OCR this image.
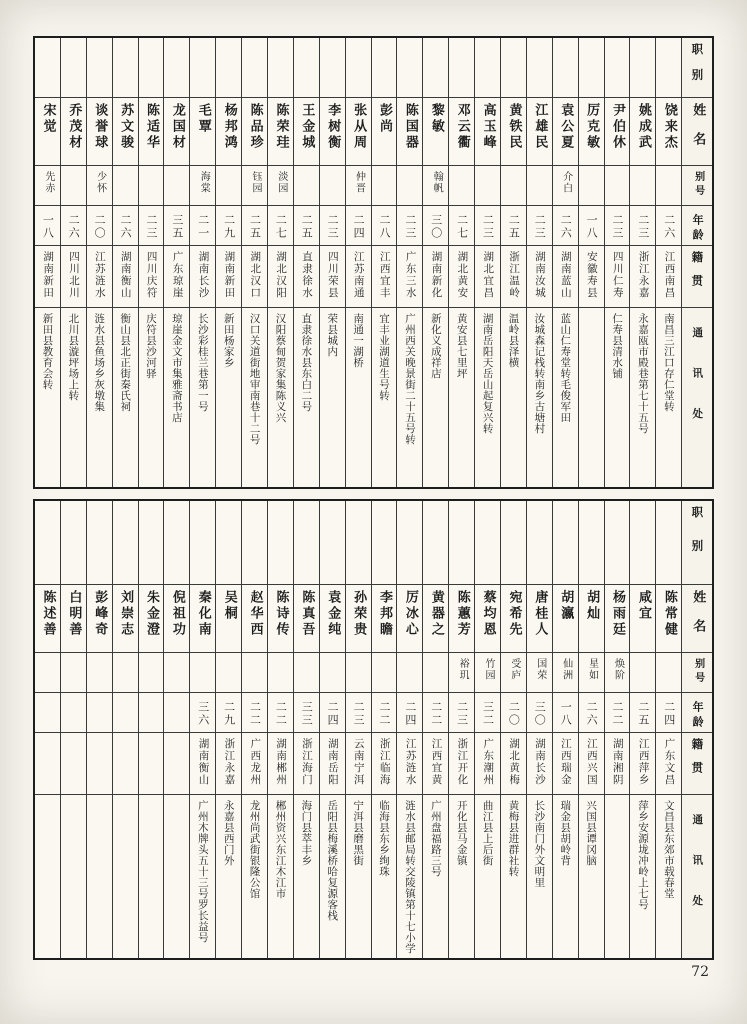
宋觉
先赤
一八
湖南新田
新田县教育会转
乔茂材
二六
四川北川
北川县漩坪场上转
谈誉球
少怀
二〇
江苏涟水
涟水县鱼场乡灰墩集
苏文骏
二六
湖南衡山
衡山县北正街秦氏祠
陈适华
二三
四川庆符
庆符县沙河驿
龙国材
三五
广东琼崖
琼崖金文市集雅斋书店
毛覃
海棠
二一
湖南长沙
长沙彩桂兰巷第一号
杨邦鸿
二九
湖南新田
新田杨家乡
陈品珍
钰园
二五
湖北汉口
汉口关道街地审南巷十二号
陈荣珪
淡园
二七
湖北汉阳
汉阳蔡甸贺家集陈义兴
王金城
二五
直隶徐水
直隶徐水县东白二号
李树衡
二三
四川荣县
荣县城内
张从周
仲晋
二四
江苏南通
南通一湖桥
彭尚
二八
江西宜丰
宜丰业湖道生号转
陈国器
二三
广东三水
广州西关晚景街二十五号转
黎敏
翰帆
三〇
湖南新化
新化义成祥店
邓云衢
二七
湖北黄安
黄安县七里坪
高玉峰
二三
湖北宜昌
湖南岳阳天岳山起复兴转
黄铁民
二五
浙江温岭
温岭县泽横
江雄民
二三
湖南汝城
汝城森记栈转南乡古塘村
袁公夏
介白
二六
湖南蓝山
蓝山仁寿堂转毛俊军田
厉克敏
一八
安徽寿县
尹伯休
二三
四川仁寿
仁寿县清水铺
姚成武
二三
浙江永嘉
永嘉瓯市殿巷第七十五号
饶来杰
二六
江西南昌
南昌三江口存仁堂转
职别
姓名
别号
年龄
籍贯
通讯处
陈述善 白明善 彭峰奇 刘崇志 朱金澄 倪祖功 秦化南
三六
湖南衡山
广州木牌头五十三号罗长益号
吴桐
二九
浙江永嘉
永嘉县西门外
赵华西
二二
广西龙州
龙州尚武街银隆公馆
陈诗传
二二
湖南郴州
郴州资兴东江木江市
陈真吾
三三
浙江海门
海门县萃丰乡
袁金纯
二四
湖南岳阳
岳阳县梅溪桥哈复源客栈
孙荣贵
二三
云南宁洱
宁洱县磨黑街
李邦瞻
二二
浙江临海
临海县东乡绚珠
厉冰心
二四
江苏涟水
涟水县邮局转交陵镇第十七小学
黄器之
二二
江西宜黄
广州盘福路三号
陈蕙芳
裕玑
二三
浙江开化
开化县马金镇
蔡均恩
竹园
三二
广东潮州
曲江县上后街
宛希先
受庐
二〇
湖北黄梅
黄梅县进群社转
唐桂人
国荣
三〇
湖南长沙
长沙南门外文明里
胡瀛
仙洲
一八
江西瑞金
瑞金县胡岭背
胡灿
星如
二六
江西兴国
兴国县谭冈脑
杨雨廷
焕阶
二二
湖南湘阴
咸宜
二五
江西萍乡
萍乡安源垅冲岭上七号
陈常健
二四
广东文昌
文昌县东郊市载春堂
职别
姓名
别号
年龄
籍贯
通讯处
72
